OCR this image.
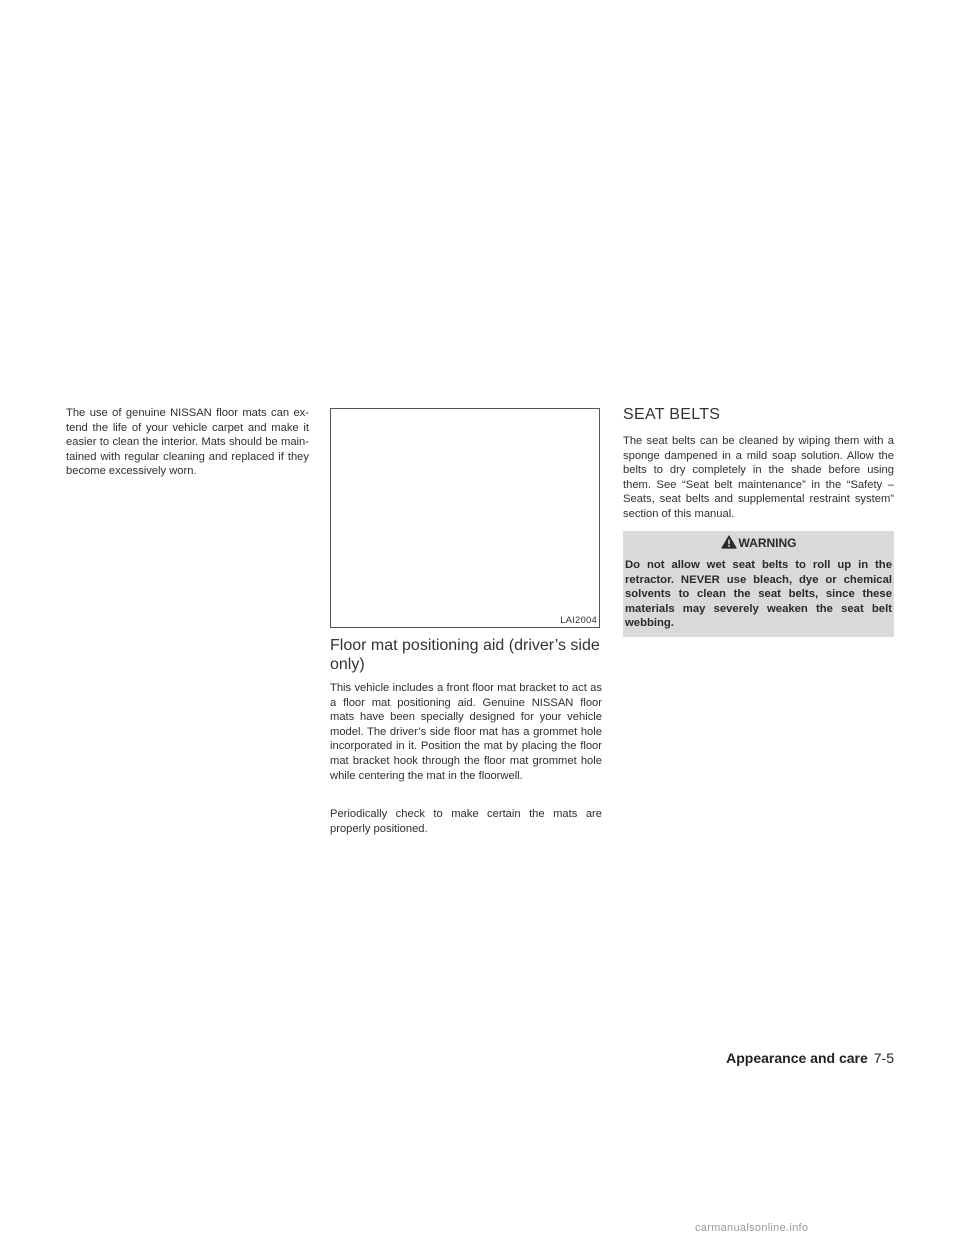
The use of genuine NISSAN floor mats can extend the life of your vehicle carpet and make it easier to clean the interior. Mats should be maintained with regular cleaning and replaced if they become excessively worn.

LAI2004
Floor mat positioning aid (driver’s side only)

This vehicle includes a front floor mat bracket to act as a floor mat positioning aid. Genuine NISSAN floor mats have been specially designed for your vehicle model. The driver’s side floor mat has a grommet hole incorporated in it. Position the mat by placing the floor mat bracket hook through the floor mat grommet hole while centering the mat in the floorwell.

Periodically check to make certain the mats are properly positioned.

SEAT BELTS

The seat belts can be cleaned by wiping them with a sponge dampened in a mild soap solution. Allow the belts to dry completely in the shade before using them. See “Seat belt maintenance” in the “Safety – Seats, seat belts and supplemental restraint system” section of this manual.

WARNING

Do not allow wet seat belts to roll up in the retractor. NEVER use bleach, dye or chemical solvents to clean the seat belts, since these materials may severely weaken the seat belt webbing.

Appearance and care 7-5
carmanualsonline.info
